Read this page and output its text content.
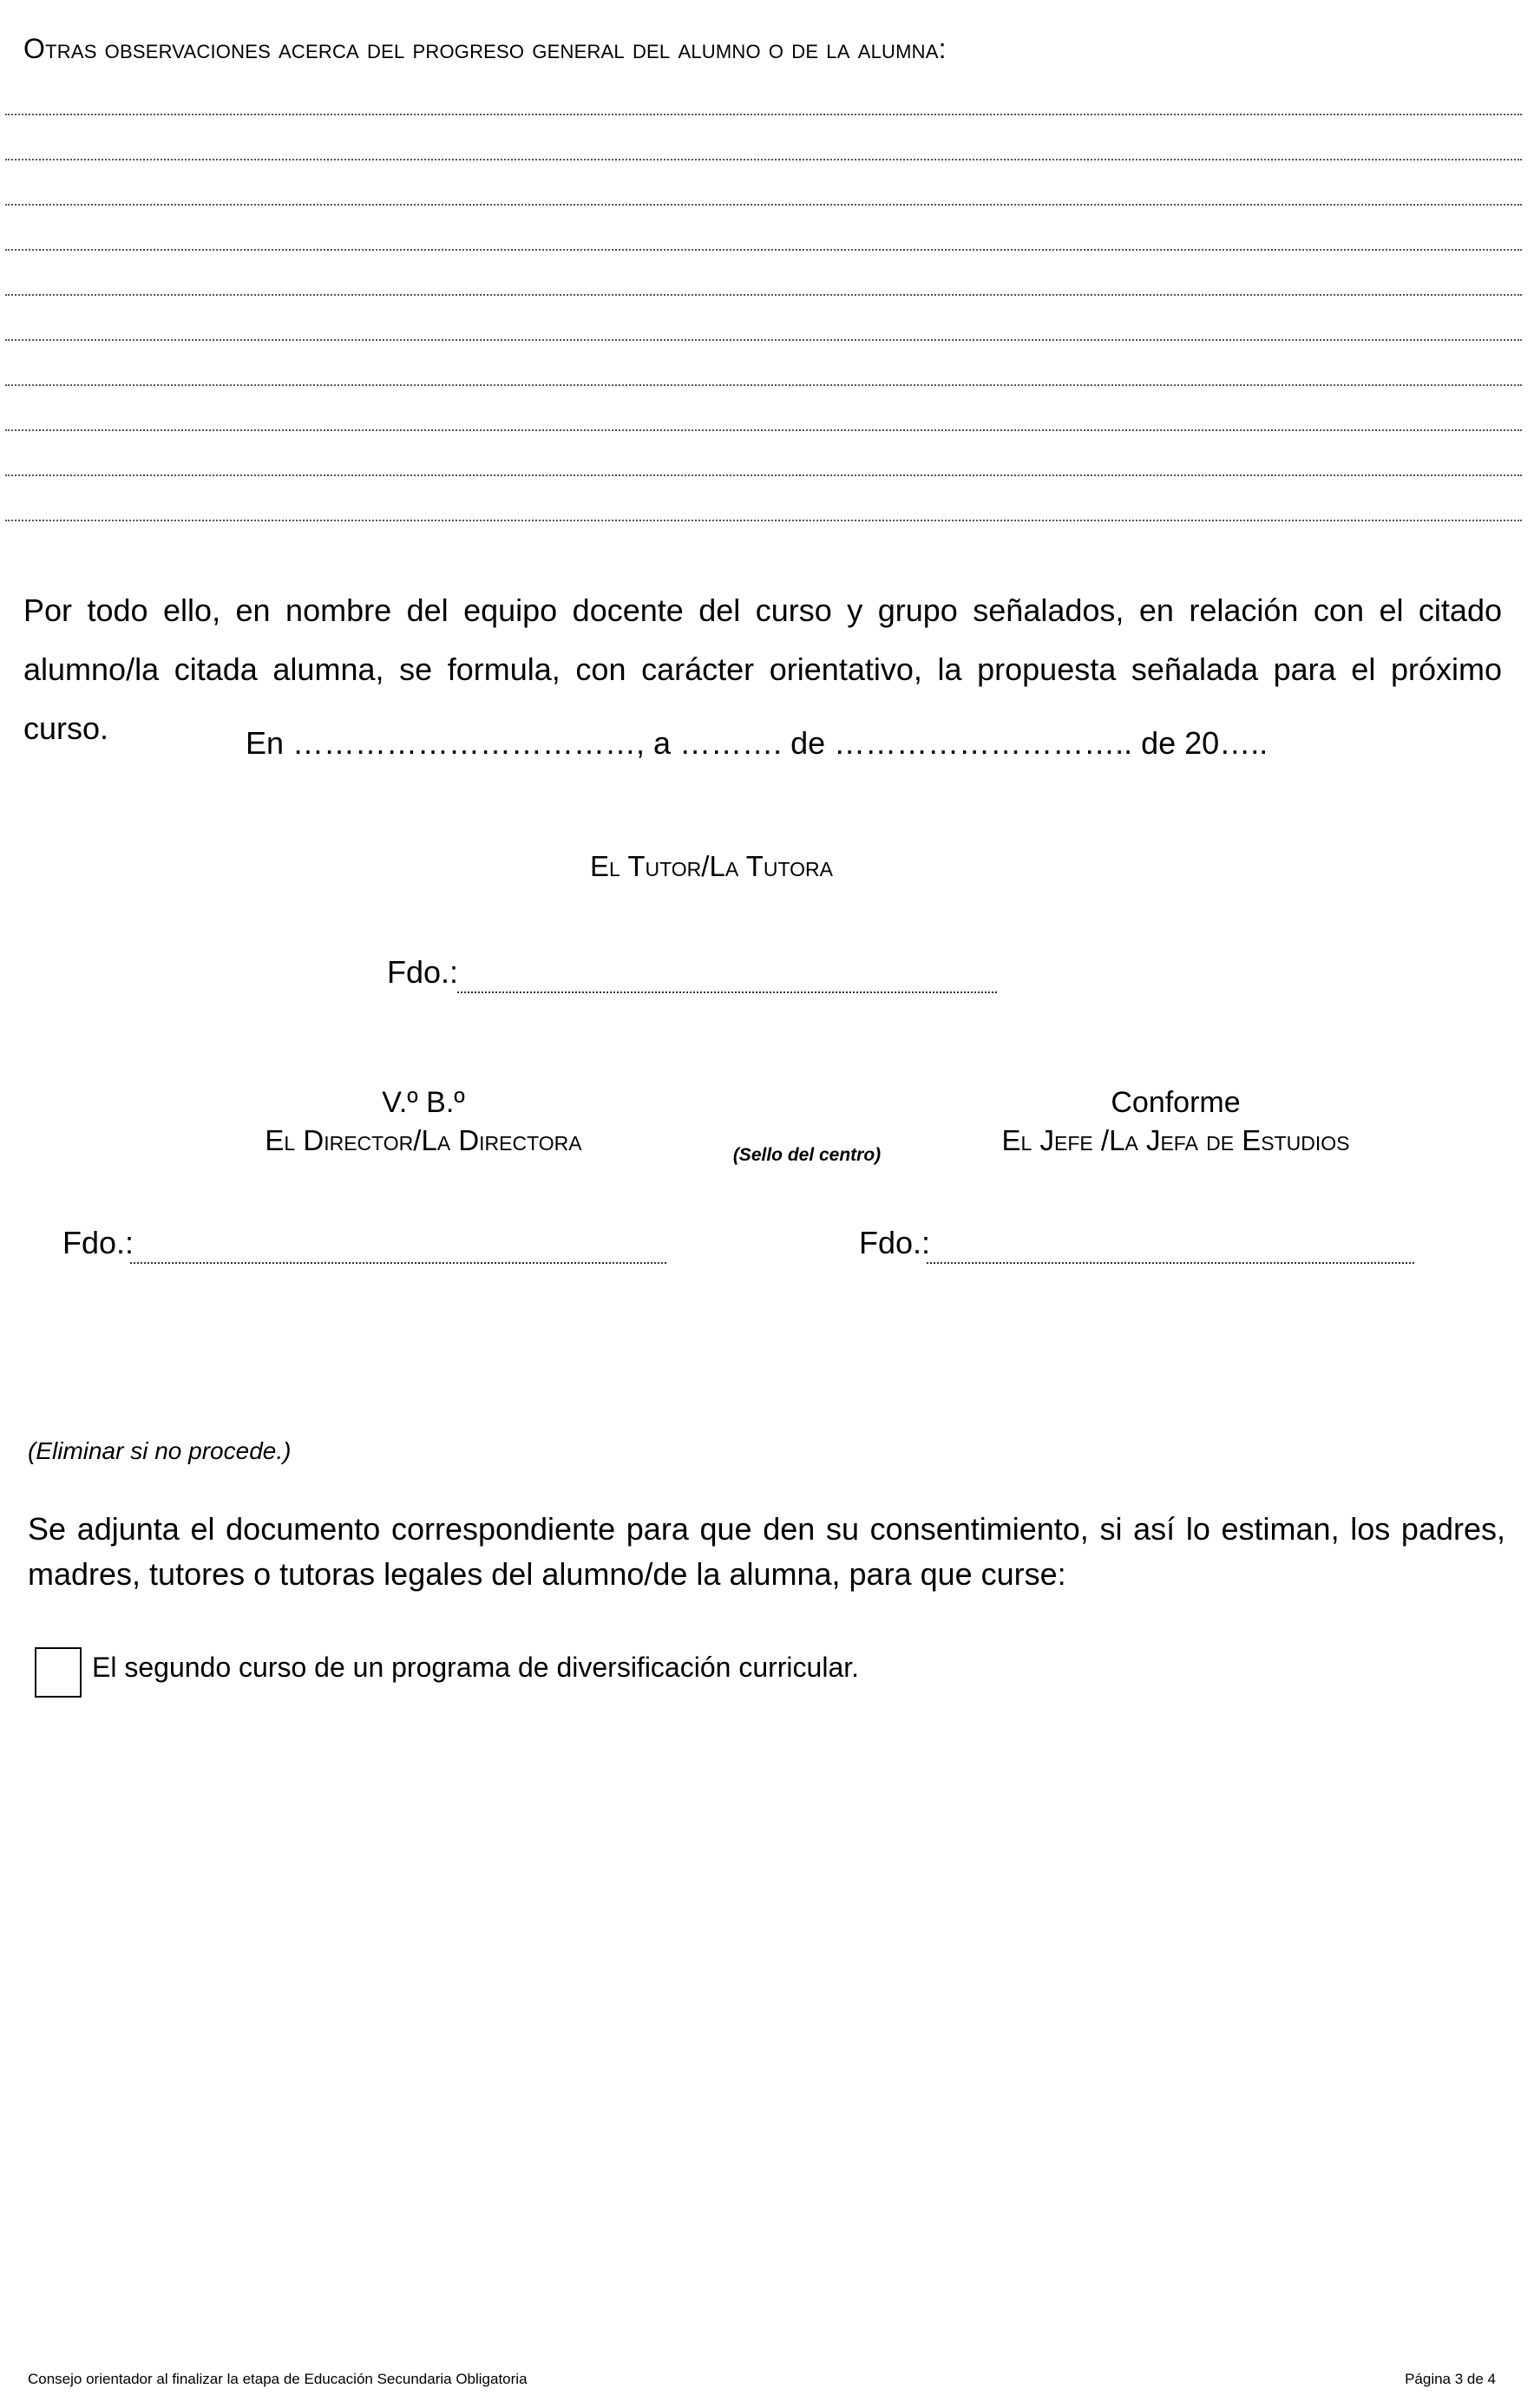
Otras observaciones acerca del progreso general del alumno o de la alumna:
Por todo ello, en nombre del equipo docente del curso y grupo señalados, en relación con el citado alumno/la citada alumna, se formula, con carácter orientativo, la propuesta señalada para el próximo curso.	En ……………………………, a ………. de ……………………….. de 20…..
El Tutor/La Tutora
Fdo.:
V.º B.º
El Director/La Directora	(Sello del centro)
Conforme
El Jefe /La Jefa de Estudios
Fdo.:	Fdo.:
(Eliminar si no procede.)
Se adjunta el documento correspondiente para que den su consentimiento, si así lo estiman, los padres, madres, tutores o tutoras legales del alumno/de la alumna, para que curse:
El segundo curso de un programa de diversificación curricular.
Consejo orientador al finalizar la etapa de Educación Secundaria Obligatoria	Página 3 de 4
